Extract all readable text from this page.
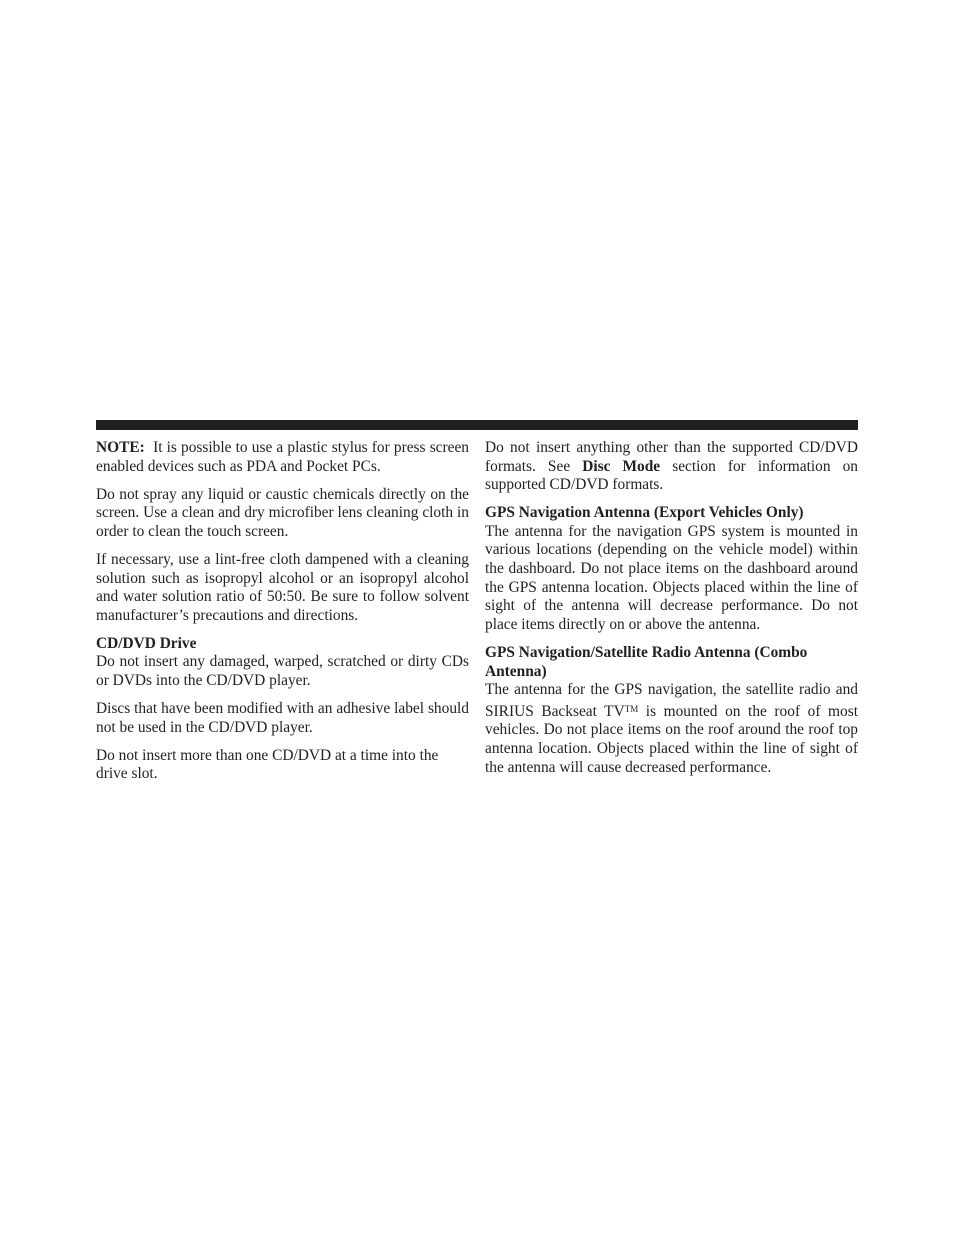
NOTE: It is possible to use a plastic stylus for press screen enabled devices such as PDA and Pocket PCs.

Do not spray any liquid or caustic chemicals directly on the screen. Use a clean and dry microfiber lens cleaning cloth in order to clean the touch screen.

If necessary, use a lint-free cloth dampened with a cleaning solution such as isopropyl alcohol or an isopropyl alcohol and water solution ratio of 50:50. Be sure to follow solvent manufacturer’s precautions and directions.

CD/DVD Drive

Do not insert any damaged, warped, scratched or dirty CDs or DVDs into the CD/DVD player.

Discs that have been modified with an adhesive label should not be used in the CD/DVD player.

Do not insert more than one CD/DVD at a time into the drive slot.

Do not insert anything other than the supported CD/DVD formats. See Disc Mode section for information on supported CD/DVD formats.

GPS Navigation Antenna (Export Vehicles Only)

The antenna for the navigation GPS system is mounted in various locations (depending on the vehicle model) within the dashboard. Do not place items on the dashboard around the GPS antenna location. Objects placed within the line of sight of the antenna will decrease performance. Do not place items directly on or above the antenna.

GPS Navigation/Satellite Radio Antenna (Combo Antenna)

The antenna for the GPS navigation, the satellite radio and SIRIUS Backseat TV™ is mounted on the roof of most vehicles. Do not place items on the roof around the roof top antenna location. Objects placed within the line of sight of the antenna will cause decreased performance.
